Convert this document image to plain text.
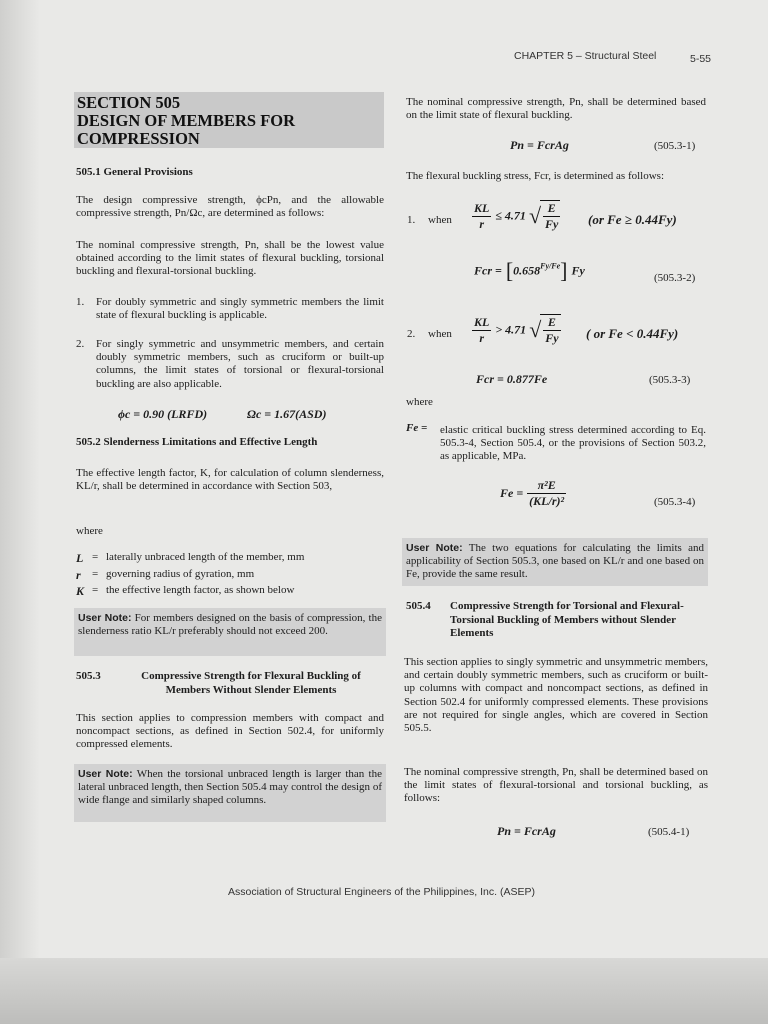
CHAPTER 5 – Structural Steel	5-55
SECTION 505
DESIGN OF MEMBERS FOR
COMPRESSION
505.1 General Provisions

The design compressive strength, ϕcPn, and the allowable compressive strength, Pn/Ωc, are determined as follows:

The nominal compressive strength, Pn, shall be the lowest value obtained according to the limit states of flexural buckling, torsional buckling and flexural-torsional buckling.

1. For doubly symmetric and singly symmetric members the limit state of flexural buckling is applicable.

2. For singly symmetric and unsymmetric members, and certain doubly symmetric members, such as cruciform or built-up columns, the limit states of torsional or flexural-torsional buckling are also applicable.

ϕc = 0.90 (LRFD)	Ωc = 1.67(ASD)
505.2 Slenderness Limitations and Effective Length

The effective length factor, K, for calculation of column slenderness, KL/r, shall be determined in accordance with Section 503,

where
L = laterally unbraced length of the member, mm
r = governing radius of gyration, mm
K = the effective length factor, as shown below

User Note: For members designed on the basis of compression, the slenderness ratio KL/r preferably should not exceed 200.

505.3	Compressive Strength for Flexural Buckling of Members Without Slender Elements

This section applies to compression members with compact and noncompact sections, as defined in Section 502.4, for uniformly compressed elements.

User Note: When the torsional unbraced length is larger than the lateral unbraced length, then Section 505.4 may control the design of wide flange and similarly shaped columns.

The nominal compressive strength, Pn, shall be determined based on the limit state of flexural buckling.

Pn = FcrAg	(505.3-1)

The flexural buckling stress, Fcr, is determined as follows:

1. when $\frac{KL}{r} \le 4.71$ √ $\frac{E}{Fy} (or$ Fe ≥ 0.44Fy)
Fcr = $[0.658^{Fy/Fe}]$ Fy
(505.3-2)
2. when $\frac{KL}{r} > 4.71$ √ $\frac{E}{Fy}$ ( or Fe < 0.44Fy)
Fcr = 0.877Fe	(505.3-3)
where
Fe = elastic critical buckling stress determined according to Eq. 505.3-4, Section 505.4, or the provisions of Section 503.2, as applicable, MPa.

$Fe = \frac{\text{π²E}}{\text{(KL/r)²}}$	(505.3-4)

User Note: The two equations for calculating the limits and applicability of Section 505.3, one based on KL/r and one based on Fe, provide the same result.

505.4 Compressive Strength for Torsional and Flexural-Torsional Buckling of Members without Slender Elements

This section applies to singly symmetric and unsymmetric members, and certain doubly symmetric members, such as cruciform or built-up columns with compact and noncompact sections, as defined in Section 502.4 for uniformly compressed elements. These provisions are not required for single angles, which are covered in Section 505.5.

The nominal compressive strength, Pn, shall be determined based on the limit states of flexural-torsional and torsional buckling, as follows:

Pn = FcrAg	(505.4-1)
Association of Structural Engineers of the Philippines, Inc. (ASEP)
